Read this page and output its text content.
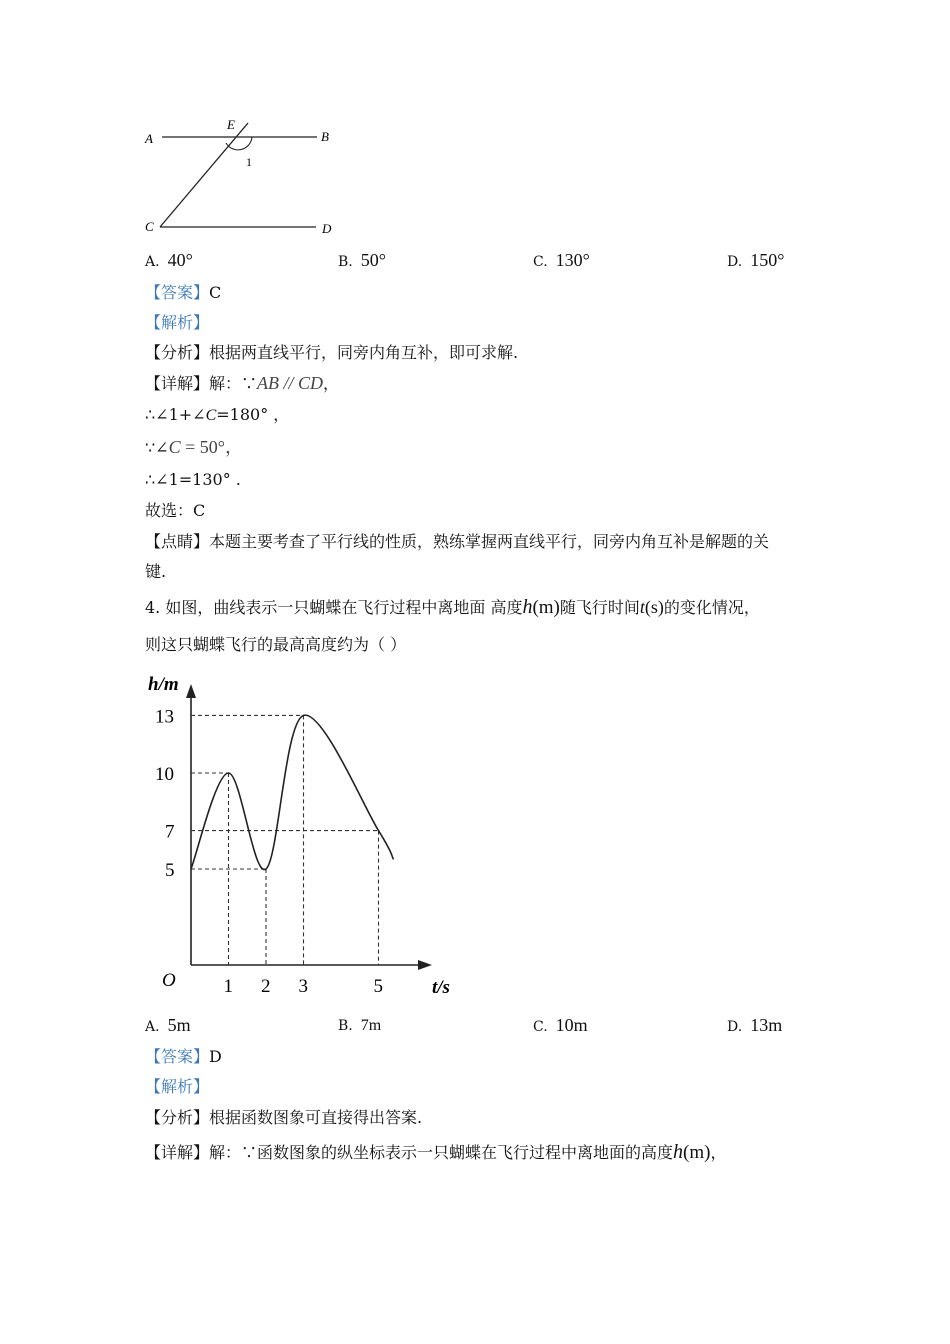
A
E
B
1
C	D
A. 40°	B. 50°	C. 130°	D. 150°
【答案】C
【解析】
【分析】根据两直线平行，同旁内角互补，即可求解.
【详解】解：∵AB // CD，
∴∠1+∠C=180° ，
∵∠C = 50°，
∴∠1=130° .
故选：C
【点睛】本题主要考查了平行线的性质，熟练掌握两直线平行，同旁内角互补是解题的关
键.
4. 如图，曲线表示一只蝴蝶在飞行过程中离地面 高度h(m)随飞行时间t(s)的变化情况，
则这只蝴蝶飞行的最高高度约为（ ）
h/m
t/s
O	1 2 3	5
5
7
10
13
A. 5m	B. 7m	C. 10m	D. 13m
【答案】D
【解析】
【分析】根据函数图象可直接得出答案.
【详解】解：∵函数图象的纵坐标表示一只蝴蝶在飞行过程中离地面的高度h(m)，
